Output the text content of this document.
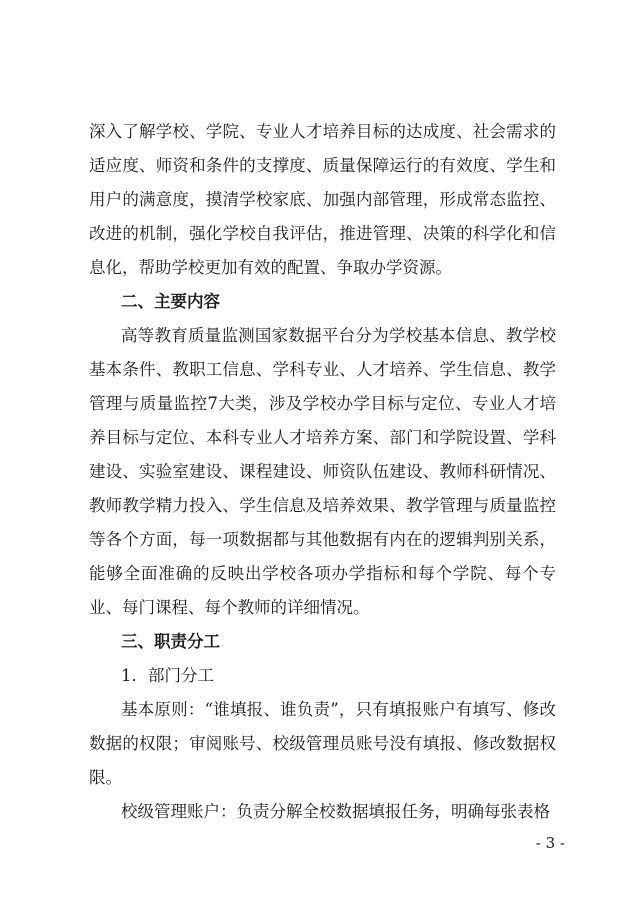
深入了解学校、学院、专业人才培养目标的达成度、社会需求的
适应度、师资和条件的支撑度、质量保障运行的有效度、学生和
用户的满意度，摸清学校家底、加强内部管理，形成常态监控、
改进的机制，强化学校自我评估，推进管理、决策的科学化和信
息化，帮助学校更加有效的配置、争取办学资源。
二、主要内容
高等教育质量监测国家数据平台分为学校基本信息、教学校
基本条件、教职工信息、学科专业、人才培养、学生信息、教学
管理与质量监控7大类，涉及学校办学目标与定位、专业人才培
养目标与定位、本科专业人才培养方案、部门和学院设置、学科
建设、实验室建设、课程建设、师资队伍建设、教师科研情况、
教师教学精力投入、学生信息及培养效果、教学管理与质量监控
等各个方面，每一项数据都与其他数据有内在的逻辑判别关系，
能够全面准确的反映出学校各项办学指标和每个学院、每个专
业、每门课程、每个教师的详细情况。
三、职责分工
1．部门分工
基本原则：“谁填报、谁负责”，只有填报账户有填写、修改
数据的权限；审阅账号、校级管理员账号没有填报、修改数据权
限。
校级管理账户：负责分解全校数据填报任务，明确每张表格
- 3 -
